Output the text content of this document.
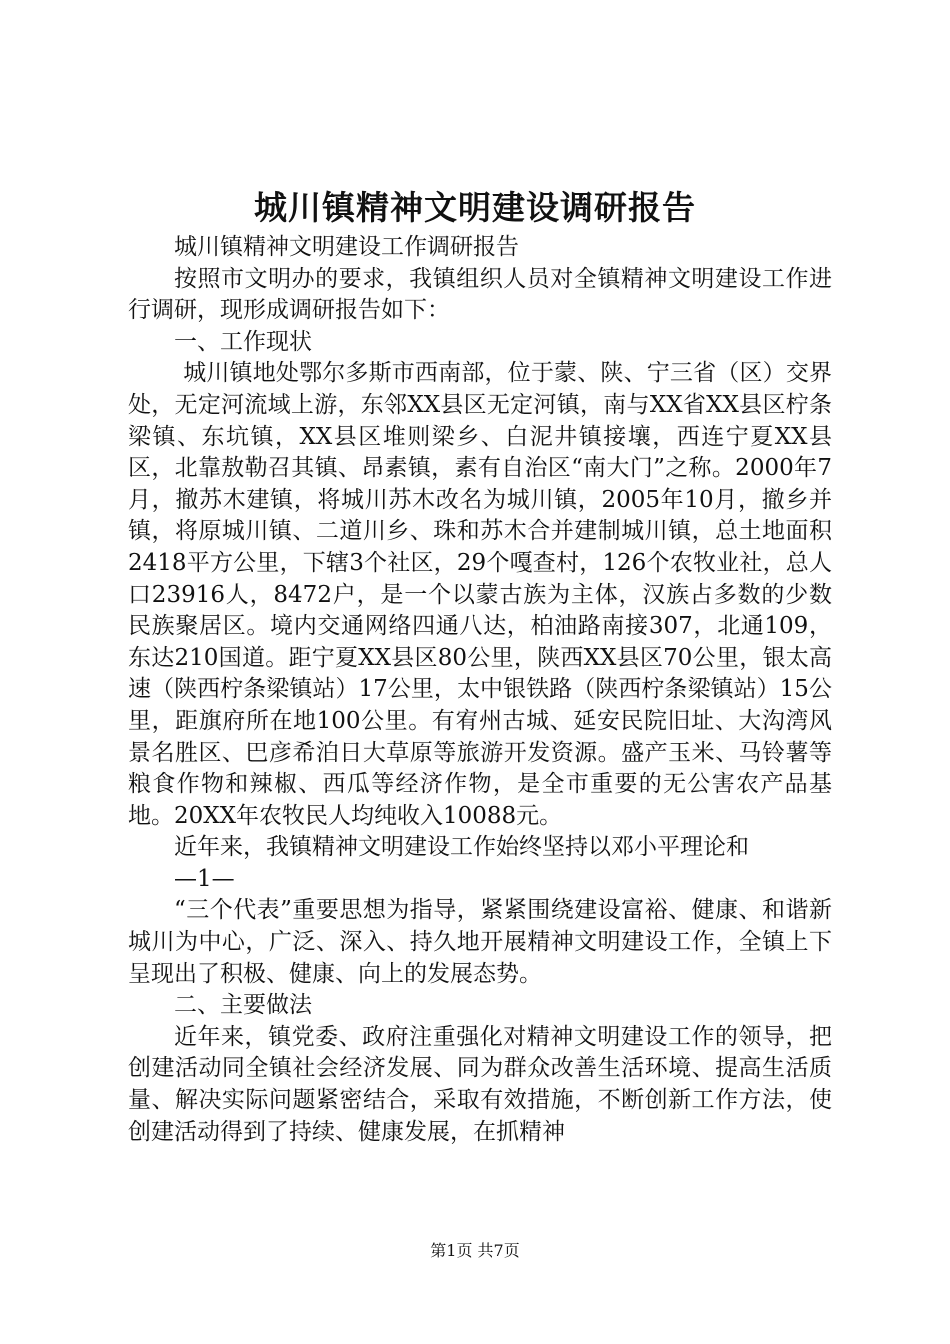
城川镇精神文明建设调研报告

城川镇精神文明建设工作调研报告

按照市文明办的要求，我镇组织人员对全镇精神文明建设工作进行调研，现形成调研报告如下：

一、工作现状

城川镇地处鄂尔多斯市西南部，位于蒙、陕、宁三省（区）交界处，无定河流域上游，东邻XX县区无定河镇，南与XX省XX县区柠条梁镇、东坑镇，XX县区堆则梁乡、白泥井镇接壤，西连宁夏XX县区，北靠敖勒召其镇、昂素镇，素有自治区“南大门”之称。2000年7月，撤苏木建镇，将城川苏木改名为城川镇，2005年10月，撤乡并镇，将原城川镇、二道川乡、珠和苏木合并建制城川镇，总土地面积2418平方公里，下辖3个社区，29个嘎查村，126个农牧业社，总人口23916人，8472户，是一个以蒙古族为主体，汉族占多数的少数民族聚居区。境内交通网络四通八达，柏油路南接307，北通109，东达210国道。距宁夏XX县区80公里，陕西XX县区70公里，银太高速（陕西柠条梁镇站）17公里，太中银铁路（陕西柠条梁镇站）15公里，距旗府所在地100公里。有宥州古城、延安民院旧址、大沟湾风景名胜区、巴彦希泊日大草原等旅游开发资源。盛产玉米、马铃薯等粮食作物和辣椒、西瓜等经济作物，是全市重要的无公害农产品基地。20XX年农牧民人均纯收入10088元。

近年来，我镇精神文明建设工作始终坚持以邓小平理论和

—1—

“三个代表”重要思想为指导，紧紧围绕建设富裕、健康、和谐新城川为中心，广泛、深入、持久地开展精神文明建设工作，全镇上下呈现出了积极、健康、向上的发展态势。

二、主要做法

近年来，镇党委、政府注重强化对精神文明建设工作的领导，把创建活动同全镇社会经济发展、同为群众改善生活环境、提高生活质量、解决实际问题紧密结合，采取有效措施，不断创新工作方法，使创建活动得到了持续、健康发展，在抓精神

第1页 共7页
